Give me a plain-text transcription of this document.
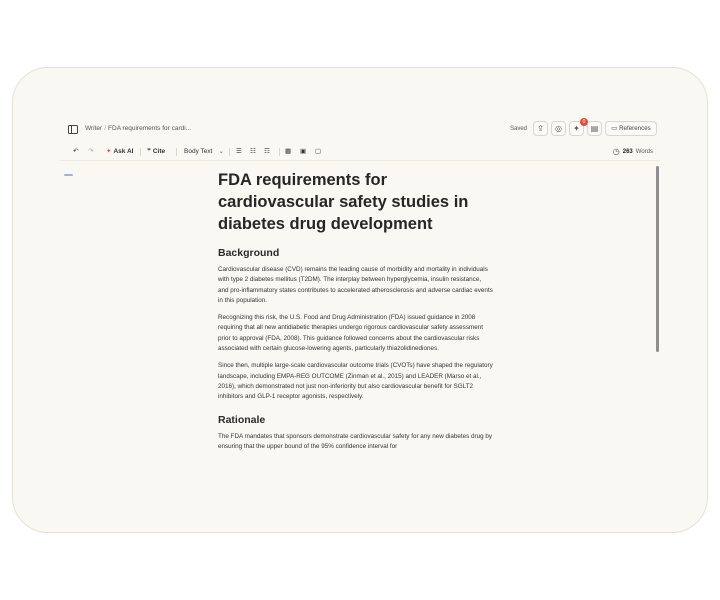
Writer / FDA requirements for cardi...	Saved ⇪ ◎ ✦
0
▤ ▭ References
↶ ↷ ✦ Ask AI ❞ Cite	Body Text ⌄ ☰ ☷ ☶ ▦ ▣ ▢	◷ 263 Words
FDA requirements for cardiovascular safety studies in diabetes drug development
Background

Cardiovascular disease (CVD) remains the leading cause of morbidity and mortality in individuals with type 2 diabetes mellitus (T2DM). The interplay between hyperglycemia, insulin resistance, and pro-inflammatory states contributes to accelerated atherosclerosis and adverse cardiac events in this population.

Recognizing this risk, the U.S. Food and Drug Administration (FDA) issued guidance in 2008 requiring that all new antidiabetic therapies undergo rigorous cardiovascular safety assessment prior to approval (FDA, 2008). This guidance followed concerns about the cardiovascular risks associated with certain glucose-lowering agents, particularly thiazolidinediones.

Since then, multiple large-scale cardiovascular outcome trials (CVOTs) have shaped the regulatory landscape, including EMPA-REG OUTCOME (Zinman et al., 2015) and LEADER (Marso et al., 2016), which demonstrated not just non-inferiority but also cardiovascular benefit for SGLT2 inhibitors and GLP-1 receptor agonists, respectively.

Rationale

The FDA mandates that sponsors demonstrate cardiovascular safety for any new diabetes drug by ensuring that the upper bound of the 95% confidence interval for
